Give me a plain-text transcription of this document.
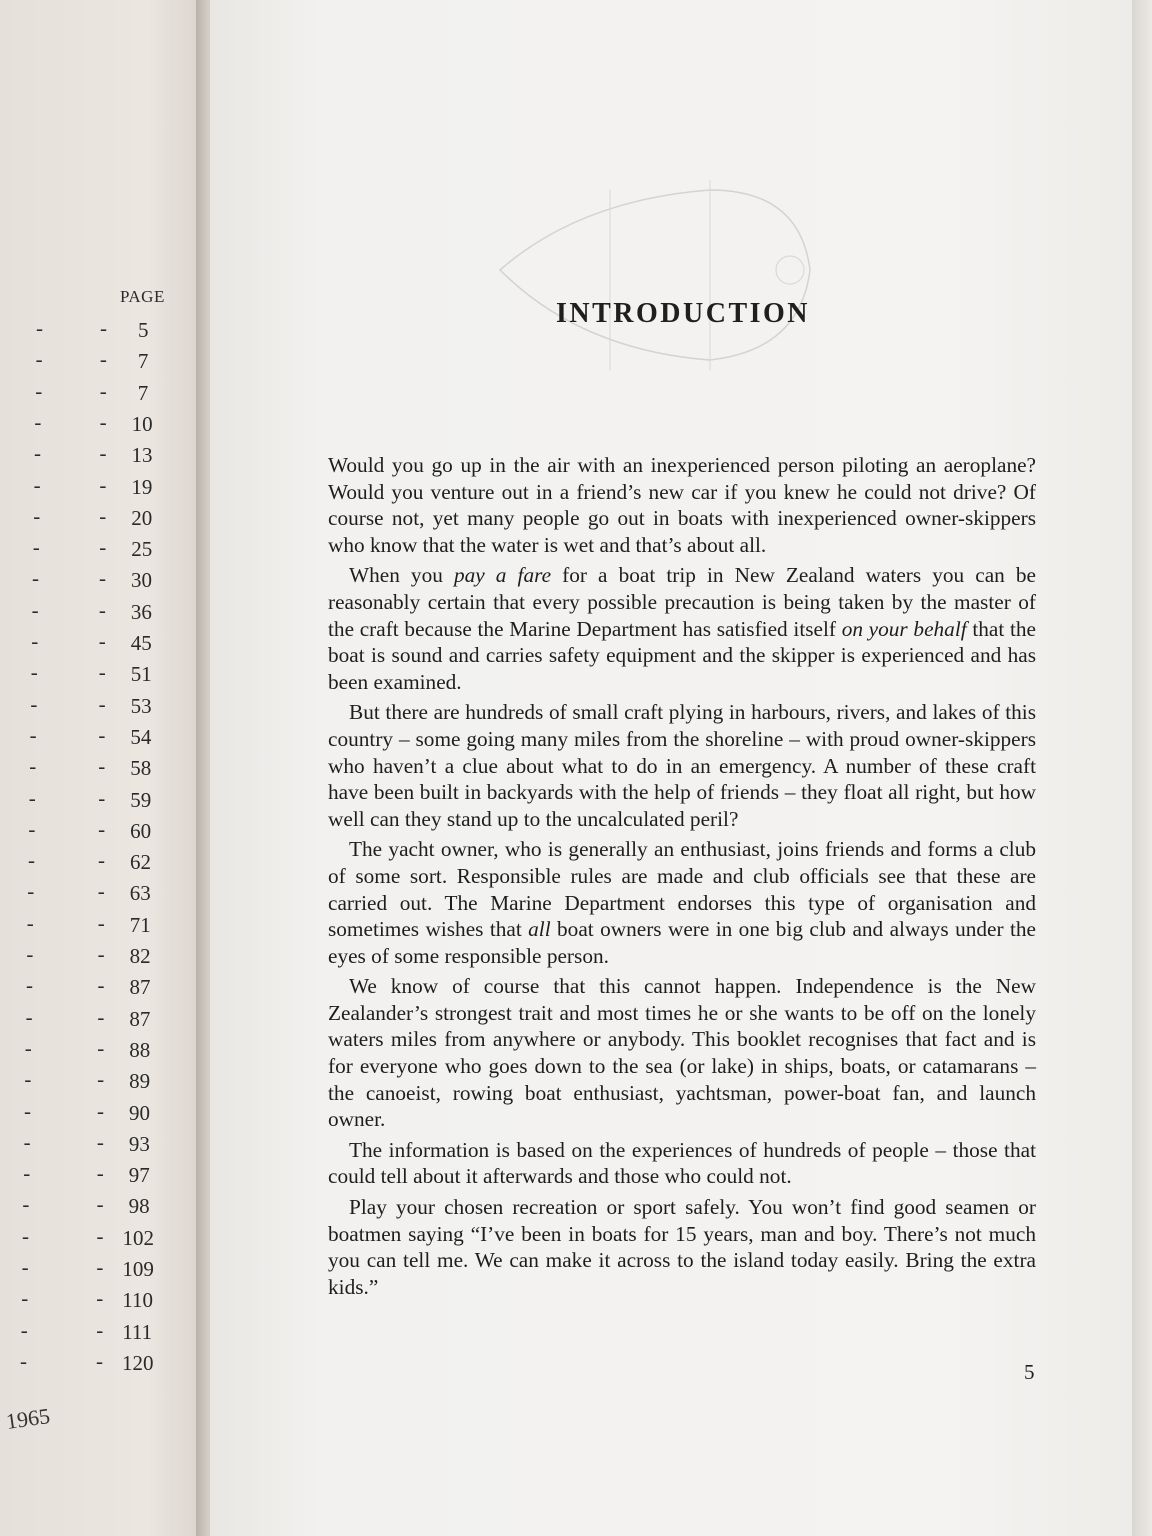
PAGE
-	- 5
-	- 7
-	- 7
-	- 10
-	- 13
-	- 19
-	- 20
-	- 25
-	- 30
-	- 36
-	- 45
-	- 51
-	- 53
-	- 54
-	- 58
-	- 59
-	- 60
-	- 62
-	- 63
-	- 71
-	- 82
-	- 87
-	- 87
-	- 88
-	- 89
-	- 90
-	- 93
-	- 97
-	- 98
-	- 102
-	- 109
-	- 110
-	- 111
-	- 120
1965
INTRODUCTION

Would you go up in the air with an inexperienced person piloting an aeroplane? Would you venture out in a friend’s new car if you knew he could not drive? Of course not, yet many people go out in boats with inexperienced owner-skippers who know that the water is wet and that’s about all.

When you pay a fare for a boat trip in New Zealand waters you can be reasonably certain that every possible precaution is being taken by the master of the craft because the Marine Department has satisfied itself on your behalf that the boat is sound and carries safety equipment and the skipper is experienced and has been examined.

But there are hundreds of small craft plying in harbours, rivers, and lakes of this country – some going many miles from the shoreline – with proud owner-skippers who haven’t a clue about what to do in an emergency. A number of these craft have been built in backyards with the help of friends – they float all right, but how well can they stand up to the uncalculated peril?

The yacht owner, who is generally an enthusiast, joins friends and forms a club of some sort. Responsible rules are made and club officials see that these are carried out. The Marine Department endorses this type of organisation and sometimes wishes that all boat owners were in one big club and always under the eyes of some responsible person.

We know of course that this cannot happen. Independence is the New Zealander’s strongest trait and most times he or she wants to be off on the lonely waters miles from anywhere or anybody. This booklet recognises that fact and is for everyone who goes down to the sea (or lake) in ships, boats, or catamarans – the canoeist, rowing boat enthusiast, yachtsman, power-boat fan, and launch owner.

The information is based on the experiences of hundreds of people – those that could tell about it afterwards and those who could not.

Play your chosen recreation or sport safely. You won’t find good seamen or boatmen saying “I’ve been in boats for 15 years, man and boy. There’s not much you can tell me. We can make it across to the island today easily. Bring the extra kids.”

5
